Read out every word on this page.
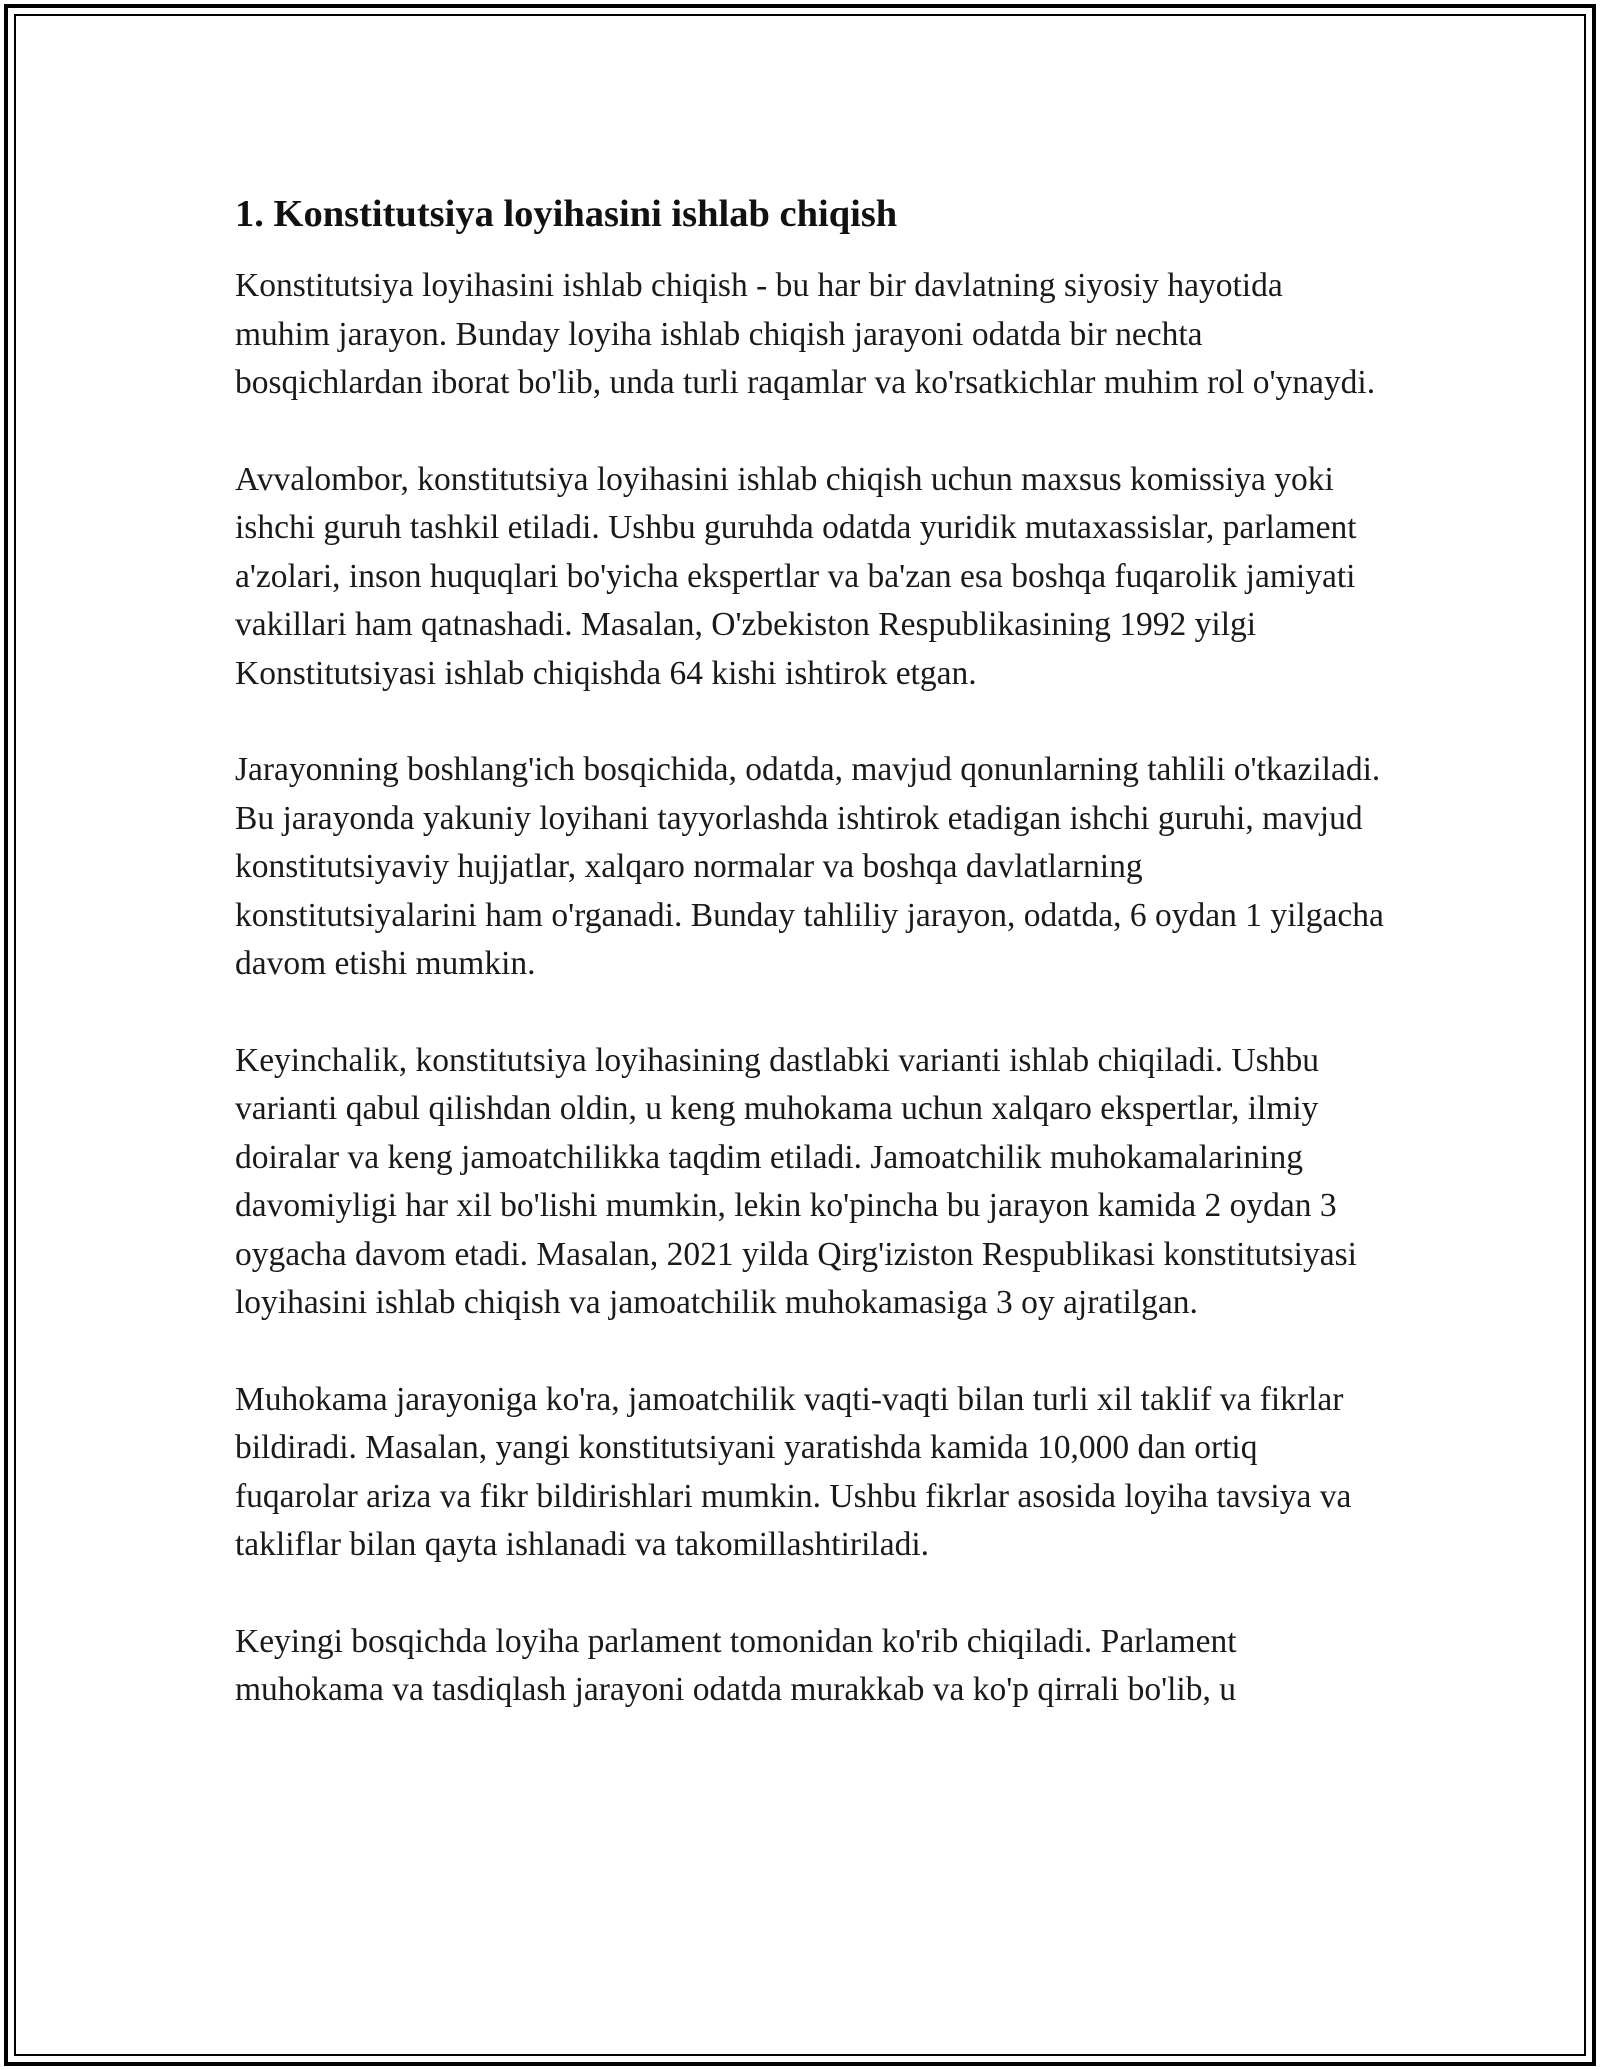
1. Konstitutsiya loyihasini ishlab chiqish

Konstitutsiya loyihasini ishlab chiqish - bu har bir davlatning siyosiy hayotida muhim jarayon. Bunday loyiha ishlab chiqish jarayoni odatda bir nechta bosqichlardan iborat bo'lib, unda turli raqamlar va ko'rsatkichlar muhim rol o'ynaydi.

Avvalombor, konstitutsiya loyihasini ishlab chiqish uchun maxsus komissiya yoki ishchi guruh tashkil etiladi. Ushbu guruhda odatda yuridik mutaxassislar, parlament a'zolari, inson huquqlari bo'yicha ekspertlar va ba'zan esa boshqa fuqarolik jamiyati vakillari ham qatnashadi. Masalan, O'zbekiston Respublikasining 1992 yilgi Konstitutsiyasi ishlab chiqishda 64 kishi ishtirok etgan.

Jarayonning boshlang'ich bosqichida, odatda, mavjud qonunlarning tahlili o'tkaziladi. Bu jarayonda yakuniy loyihani tayyorlashda ishtirok etadigan ishchi guruhi, mavjud konstitutsiyaviy hujjatlar, xalqaro normalar va boshqa davlatlarning konstitutsiyalarini ham o'rganadi. Bunday tahliliy jarayon, odatda, 6 oydan 1 yilgacha davom etishi mumkin.

Keyinchalik, konstitutsiya loyihasining dastlabki varianti ishlab chiqiladi. Ushbu varianti qabul qilishdan oldin, u keng muhokama uchun xalqaro ekspertlar, ilmiy doiralar va keng jamoatchilikka taqdim etiladi. Jamoatchilik muhokamalarining davomiyligi har xil bo'lishi mumkin, lekin ko'pincha bu jarayon kamida 2 oydan 3 oygacha davom etadi. Masalan, 2021 yilda Qirg'iziston Respublikasi konstitutsiyasi loyihasini ishlab chiqish va jamoatchilik muhokamasiga 3 oy ajratilgan.

Muhokama jarayoniga ko'ra, jamoatchilik vaqti-vaqti bilan turli xil taklif va fikrlar bildiradi. Masalan, yangi konstitutsiyani yaratishda kamida 10,000 dan ortiq fuqarolar ariza va fikr bildirishlari mumkin. Ushbu fikrlar asosida loyiha tavsiya va takliflar bilan qayta ishlanadi va takomillashtiriladi.

Keyingi bosqichda loyiha parlament tomonidan ko'rib chiqiladi. Parlament muhokama va tasdiqlash jarayoni odatda murakkab va ko'p qirrali bo'lib, u
